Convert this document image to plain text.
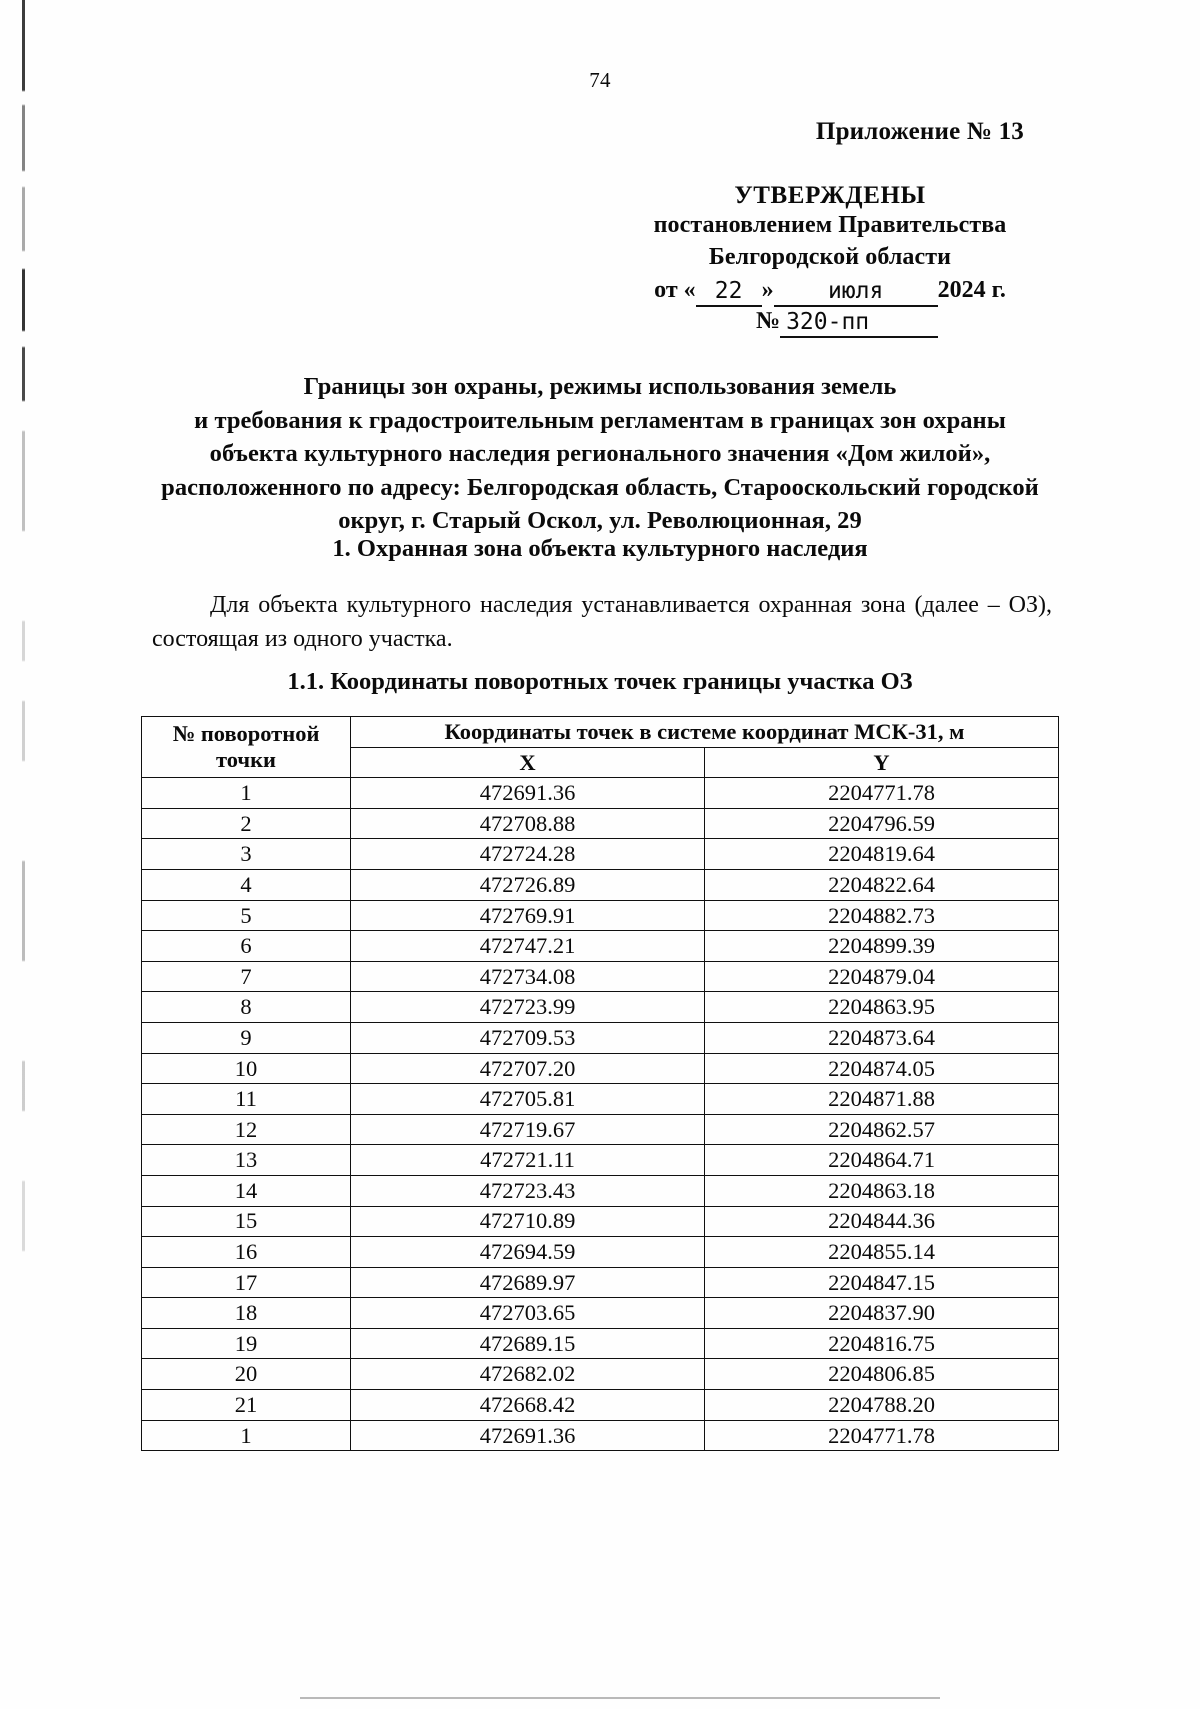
74
Приложение № 13
УТВЕРЖДЕНЫ
постановлением Правительства
Белгородской области
от « 22 » июля 2024 г.
№ 320-пп
Границы зон охраны, режимы использования земель
и требования к градостроительным регламентам в границах зон охраны
объекта культурного наследия регионального значения «Дом жилой»,
расположенного по адресу: Белгородская область, Старооскольский городской
округ, г. Старый Оскол, ул. Революционная, 29
1. Охранная зона объекта культурного наследия
Для объекта культурного наследия устанавливается охранная зона (далее – ОЗ), состоящая из одного участка.
1.1. Координаты поворотных точек границы участка ОЗ
№ поворотной
точки	Координаты точек в системе координат МСК-31, м	
	X	Y
1	472691.36	2204771.78
2	472708.88	2204796.59
3	472724.28	2204819.64
4	472726.89	2204822.64
5	472769.91	2204882.73
6	472747.21	2204899.39
7	472734.08	2204879.04
8	472723.99	2204863.95
9	472709.53	2204873.64
10	472707.20	2204874.05
11	472705.81	2204871.88
12	472719.67	2204862.57
13	472721.11	2204864.71
14	472723.43	2204863.18
15	472710.89	2204844.36
16	472694.59	2204855.14
17	472689.97	2204847.15
18	472703.65	2204837.90
19	472689.15	2204816.75
20	472682.02	2204806.85
21	472668.42	2204788.20
1	472691.36	2204771.78
